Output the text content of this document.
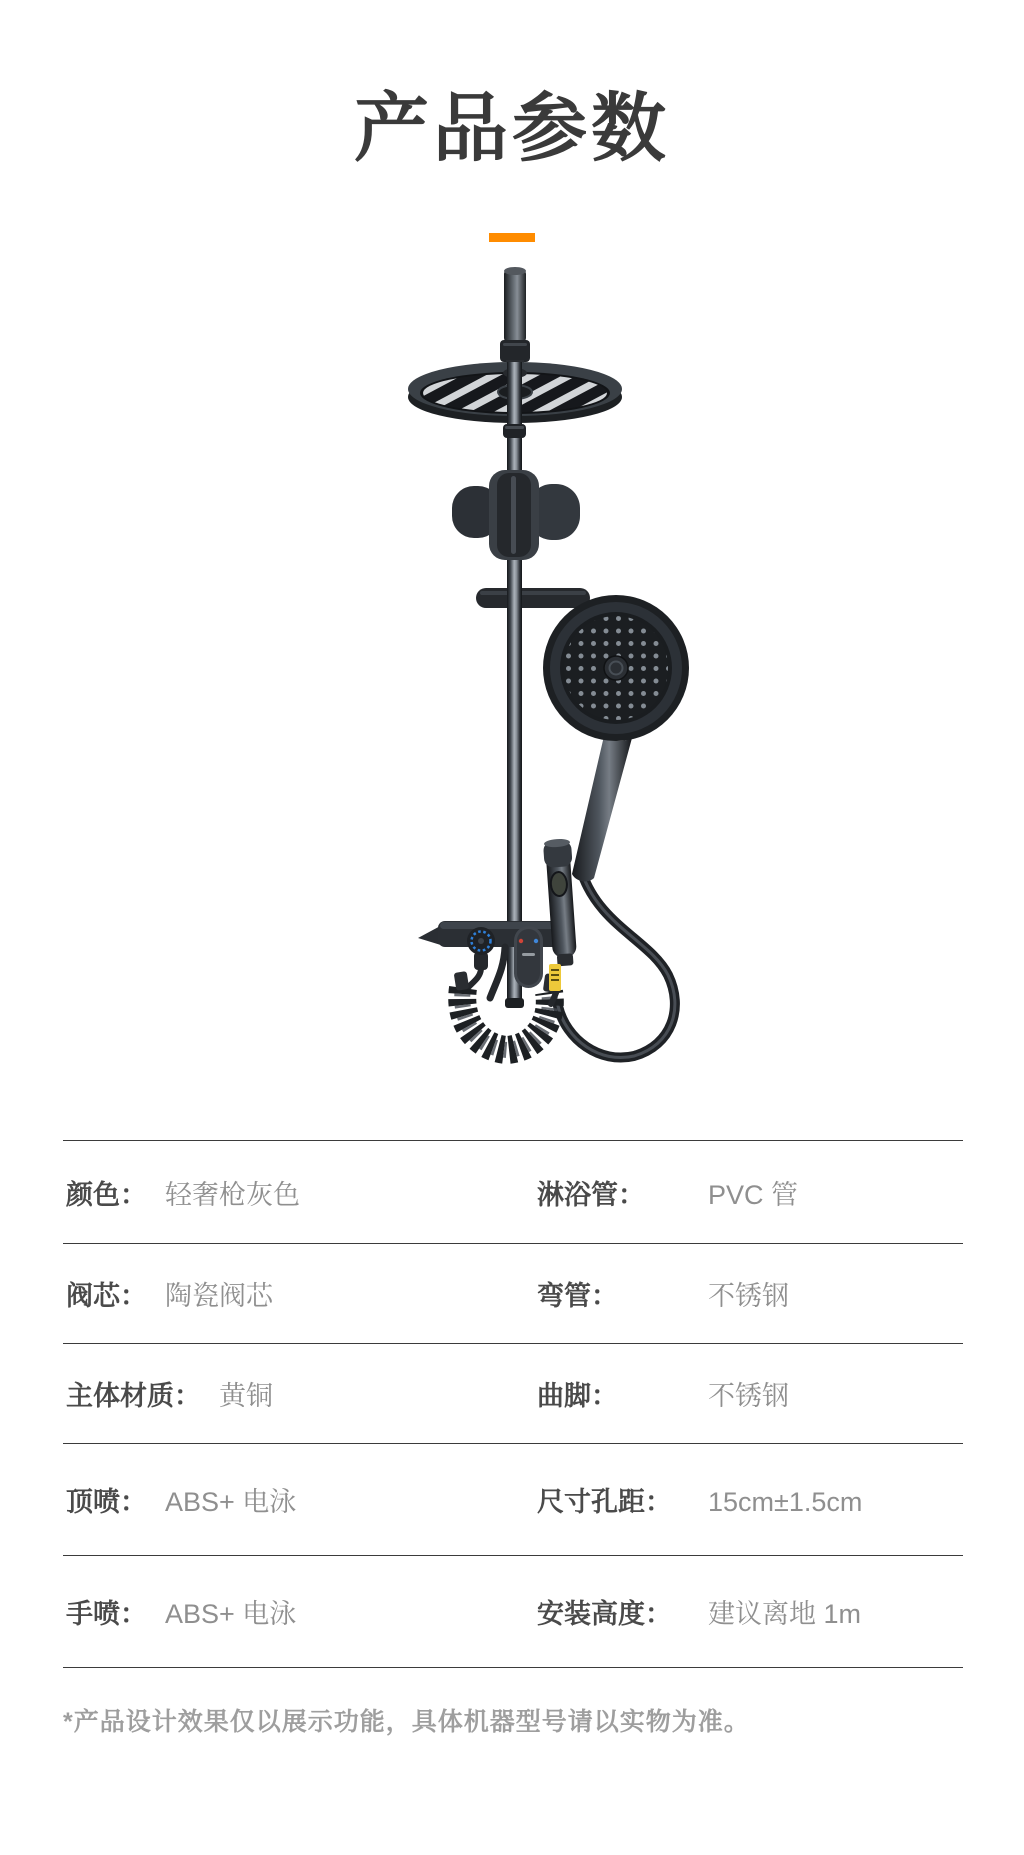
产品参数
颜色： 轻奢枪灰色	淋浴管：	PVC 管
阀芯： 陶瓷阀芯	弯管：	不锈钢
主体材质： 黄铜	曲脚：	不锈钢
顶喷： ABS+ 电泳	尺寸孔距：	15cm±1.5cm
手喷： ABS+ 电泳	安装高度：	建议离地 1m
*产品设计效果仅以展示功能，具体机器型号请以实物为准。
